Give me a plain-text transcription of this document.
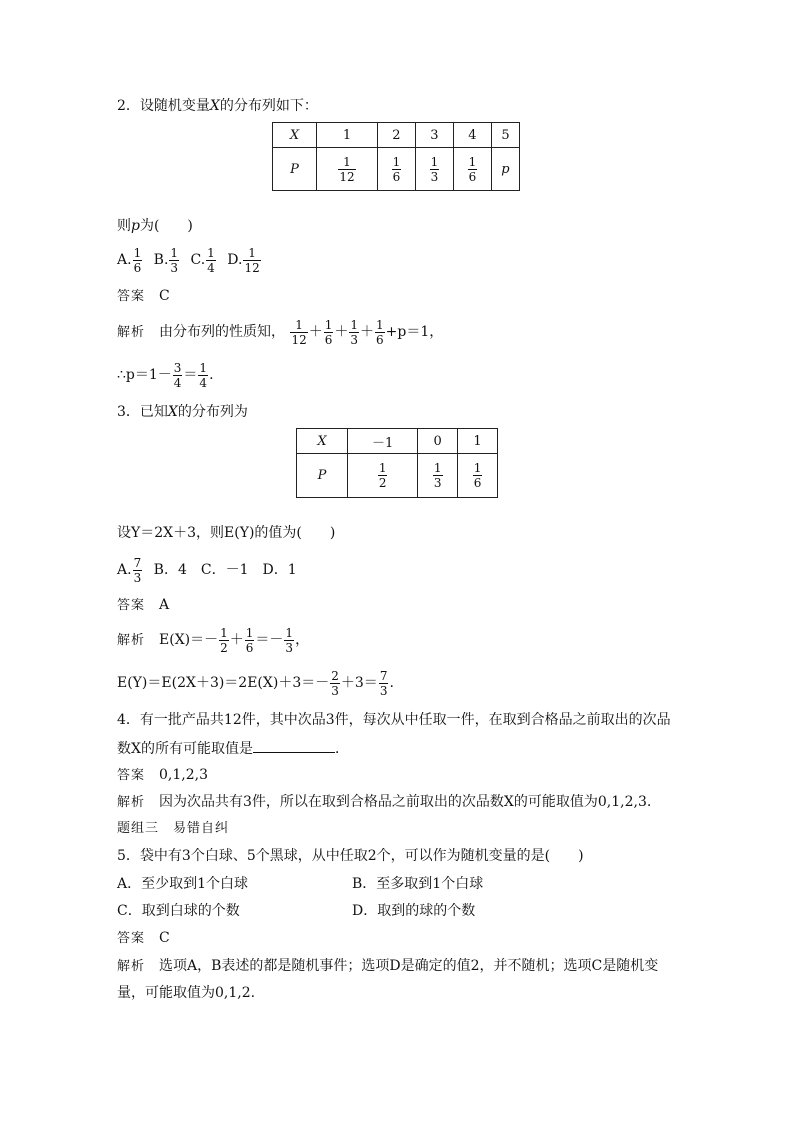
2．设随机变量X的分布列如下：
X	1	2	3	4	5
P	$\frac{1}{12}$	$\frac{1}{6}$	$\frac{1}{3}$	$\frac{1}{6}$	p
则p为(　　)
A. $\frac{1}{6} B$. $\frac{1}{3} C$. $\frac{1}{4} D$. $\frac{1}{12}$
答案　 C
解析　 由分布列的性质知， $\frac{1}{12} + \frac{1}{6} + \frac{1}{3} + \frac{1}{6} +p=1$，
∴p＝1－ $\frac{3}{4} = \frac{1}{4}$ .
3．已知X的分布列为
X	－1	0	1
P	$\frac{1}{2}$	$\frac{1}{3}$	$\frac{1}{6}$
设Y＝2X＋3，则E(Y)的值为(　　)
A. $\frac{7}{3}$ B．4　C．－1　D．1
答案　 A
解析　 $E(X)=- \frac{1}{2} + \frac{1}{6} =- \frac{1}{3}$ ，
$E(Y)=E(2X+3)=2E(X)+3=- \frac{2}{3} +3= \frac{7}{3}$ .
4．有一批产品共12件，其中次品3件，每次从中任取一件，在取到合格品之前取出的次品
数X的所有可能取值是	．
答案　 0,1,2,3
解析　 因为次品共有3件，所以在取到合格品之前取出的次品数X的可能取值为0,1,2,3.
题组三　易错自纠
5．袋中有3个白球、5个黑球，从中任取2个，可以作为随机变量的是(　　)
A．至少取到1个白球	B．至多取到1个白球
C．取到白球的个数	D．取到的球的个数
答案　 C
解析　 选项A，B表述的都是随机事件；选项D是确定的值2，并不随机；选项C是随机变
量，可能取值为0,1,2.
